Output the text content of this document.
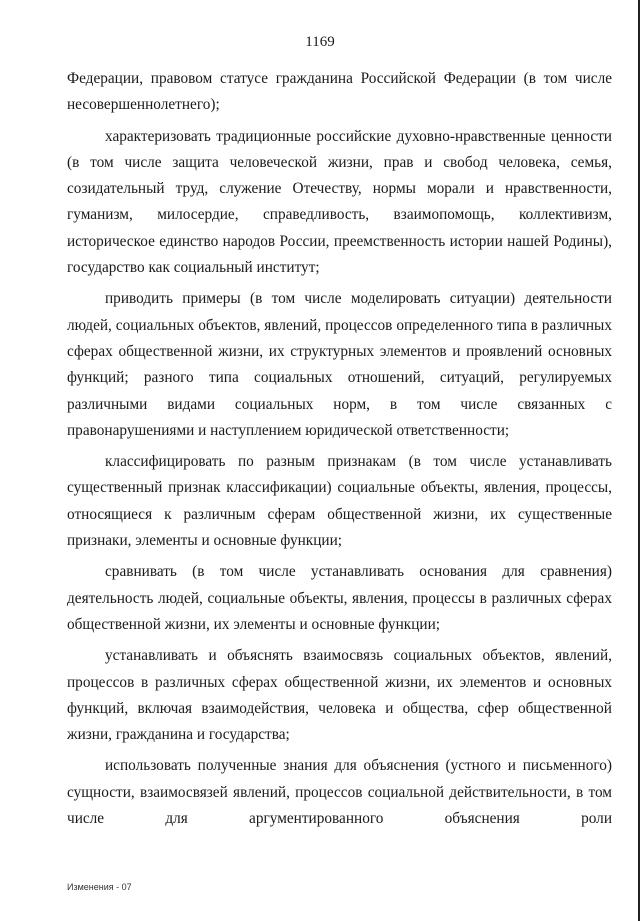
1169

Федерации, правовом статусе гражданина Российской Федерации (в том числе несовершеннолетнего);

характеризовать традиционные российские духовно-нравственные ценности (в том числе защита человеческой жизни, прав и свобод человека, семья, созидательный труд, служение Отечеству, нормы морали и нравственности, гуманизм, милосердие, справедливость, взаимопомощь, коллективизм, историческое единство народов России, преемственность истории нашей Родины), государство как социальный институт;

приводить примеры (в том числе моделировать ситуации) деятельности людей, социальных объектов, явлений, процессов определенного типа в различных сферах общественной жизни, их структурных элементов и проявлений основных функций; разного типа социальных отношений, ситуаций, регулируемых различными видами социальных норм, в том числе связанных с правонарушениями и наступлением юридической ответственности;

классифицировать по разным признакам (в том числе устанавливать существенный признак классификации) социальные объекты, явления, процессы, относящиеся к различным сферам общественной жизни, их существенные признаки, элементы и основные функции;

сравнивать (в том числе устанавливать основания для сравнения) деятельность людей, социальные объекты, явления, процессы в различных сферах общественной жизни, их элементы и основные функции;

устанавливать и объяснять взаимосвязь социальных объектов, явлений, процессов в различных сферах общественной жизни, их элементов и основных функций, включая взаимодействия, человека и общества, сфер общественной жизни, гражданина и государства;

использовать полученные знания для объяснения (устного и письменного) сущности, взаимосвязей явлений, процессов социальной действительности, в том числе для аргументированного объяснения роли

Изменения - 07
